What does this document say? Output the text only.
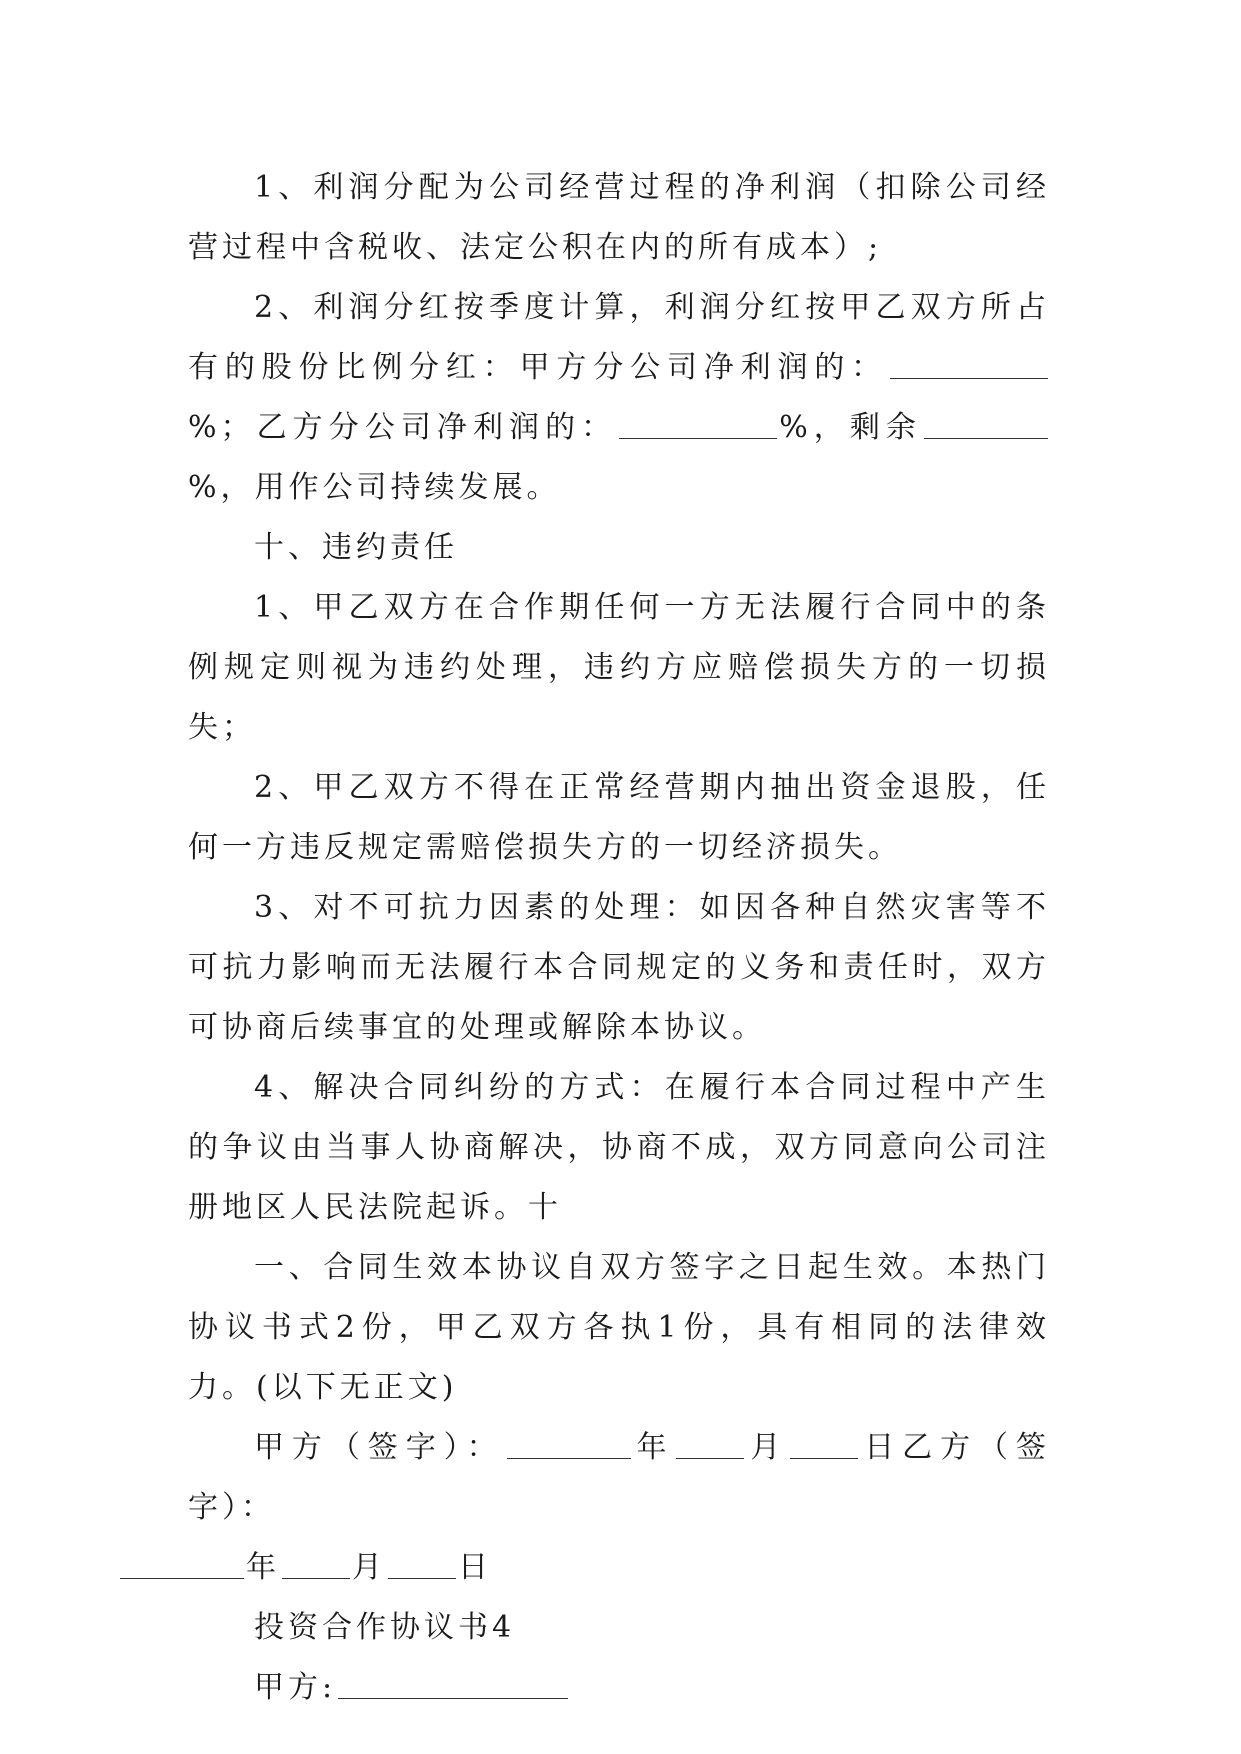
1、利润分配为公司经营过程的净利润（扣除公司经营过程中含税收、法定公积在内的所有成本）;

2、利润分红按季度计算，利润分红按甲乙双方所占有的股份比例分红：甲方分公司净利润的：%；乙方分公司净利润的：	%，剩余%，用作公司持续发展。

十、违约责任

1、甲乙双方在合作期任何一方无法履行合同中的条例规定则视为违约处理，违约方应赔偿损失方的一切损失；

2、甲乙双方不得在正常经营期内抽出资金退股，任何一方违反规定需赔偿损失方的一切经济损失。

3、对不可抗力因素的处理：如因各种自然灾害等不可抗力影响而无法履行本合同规定的义务和责任时，双方可协商后续事宜的处理或解除本协议。

4、解决合同纠纷的方式：在履行本合同过程中产生的争议由当事人协商解决，协商不成，双方同意向公司注册地区人民法院起诉。十

一、合同生效本协议自双方签字之日起生效。本热门协议书式2份，甲乙双方各执1份，具有相同的法律效力。(以下无正文)

甲方（签字）：	年 月 日乙方（签字）：
年 月 日

投资合作协议书4

甲方:
